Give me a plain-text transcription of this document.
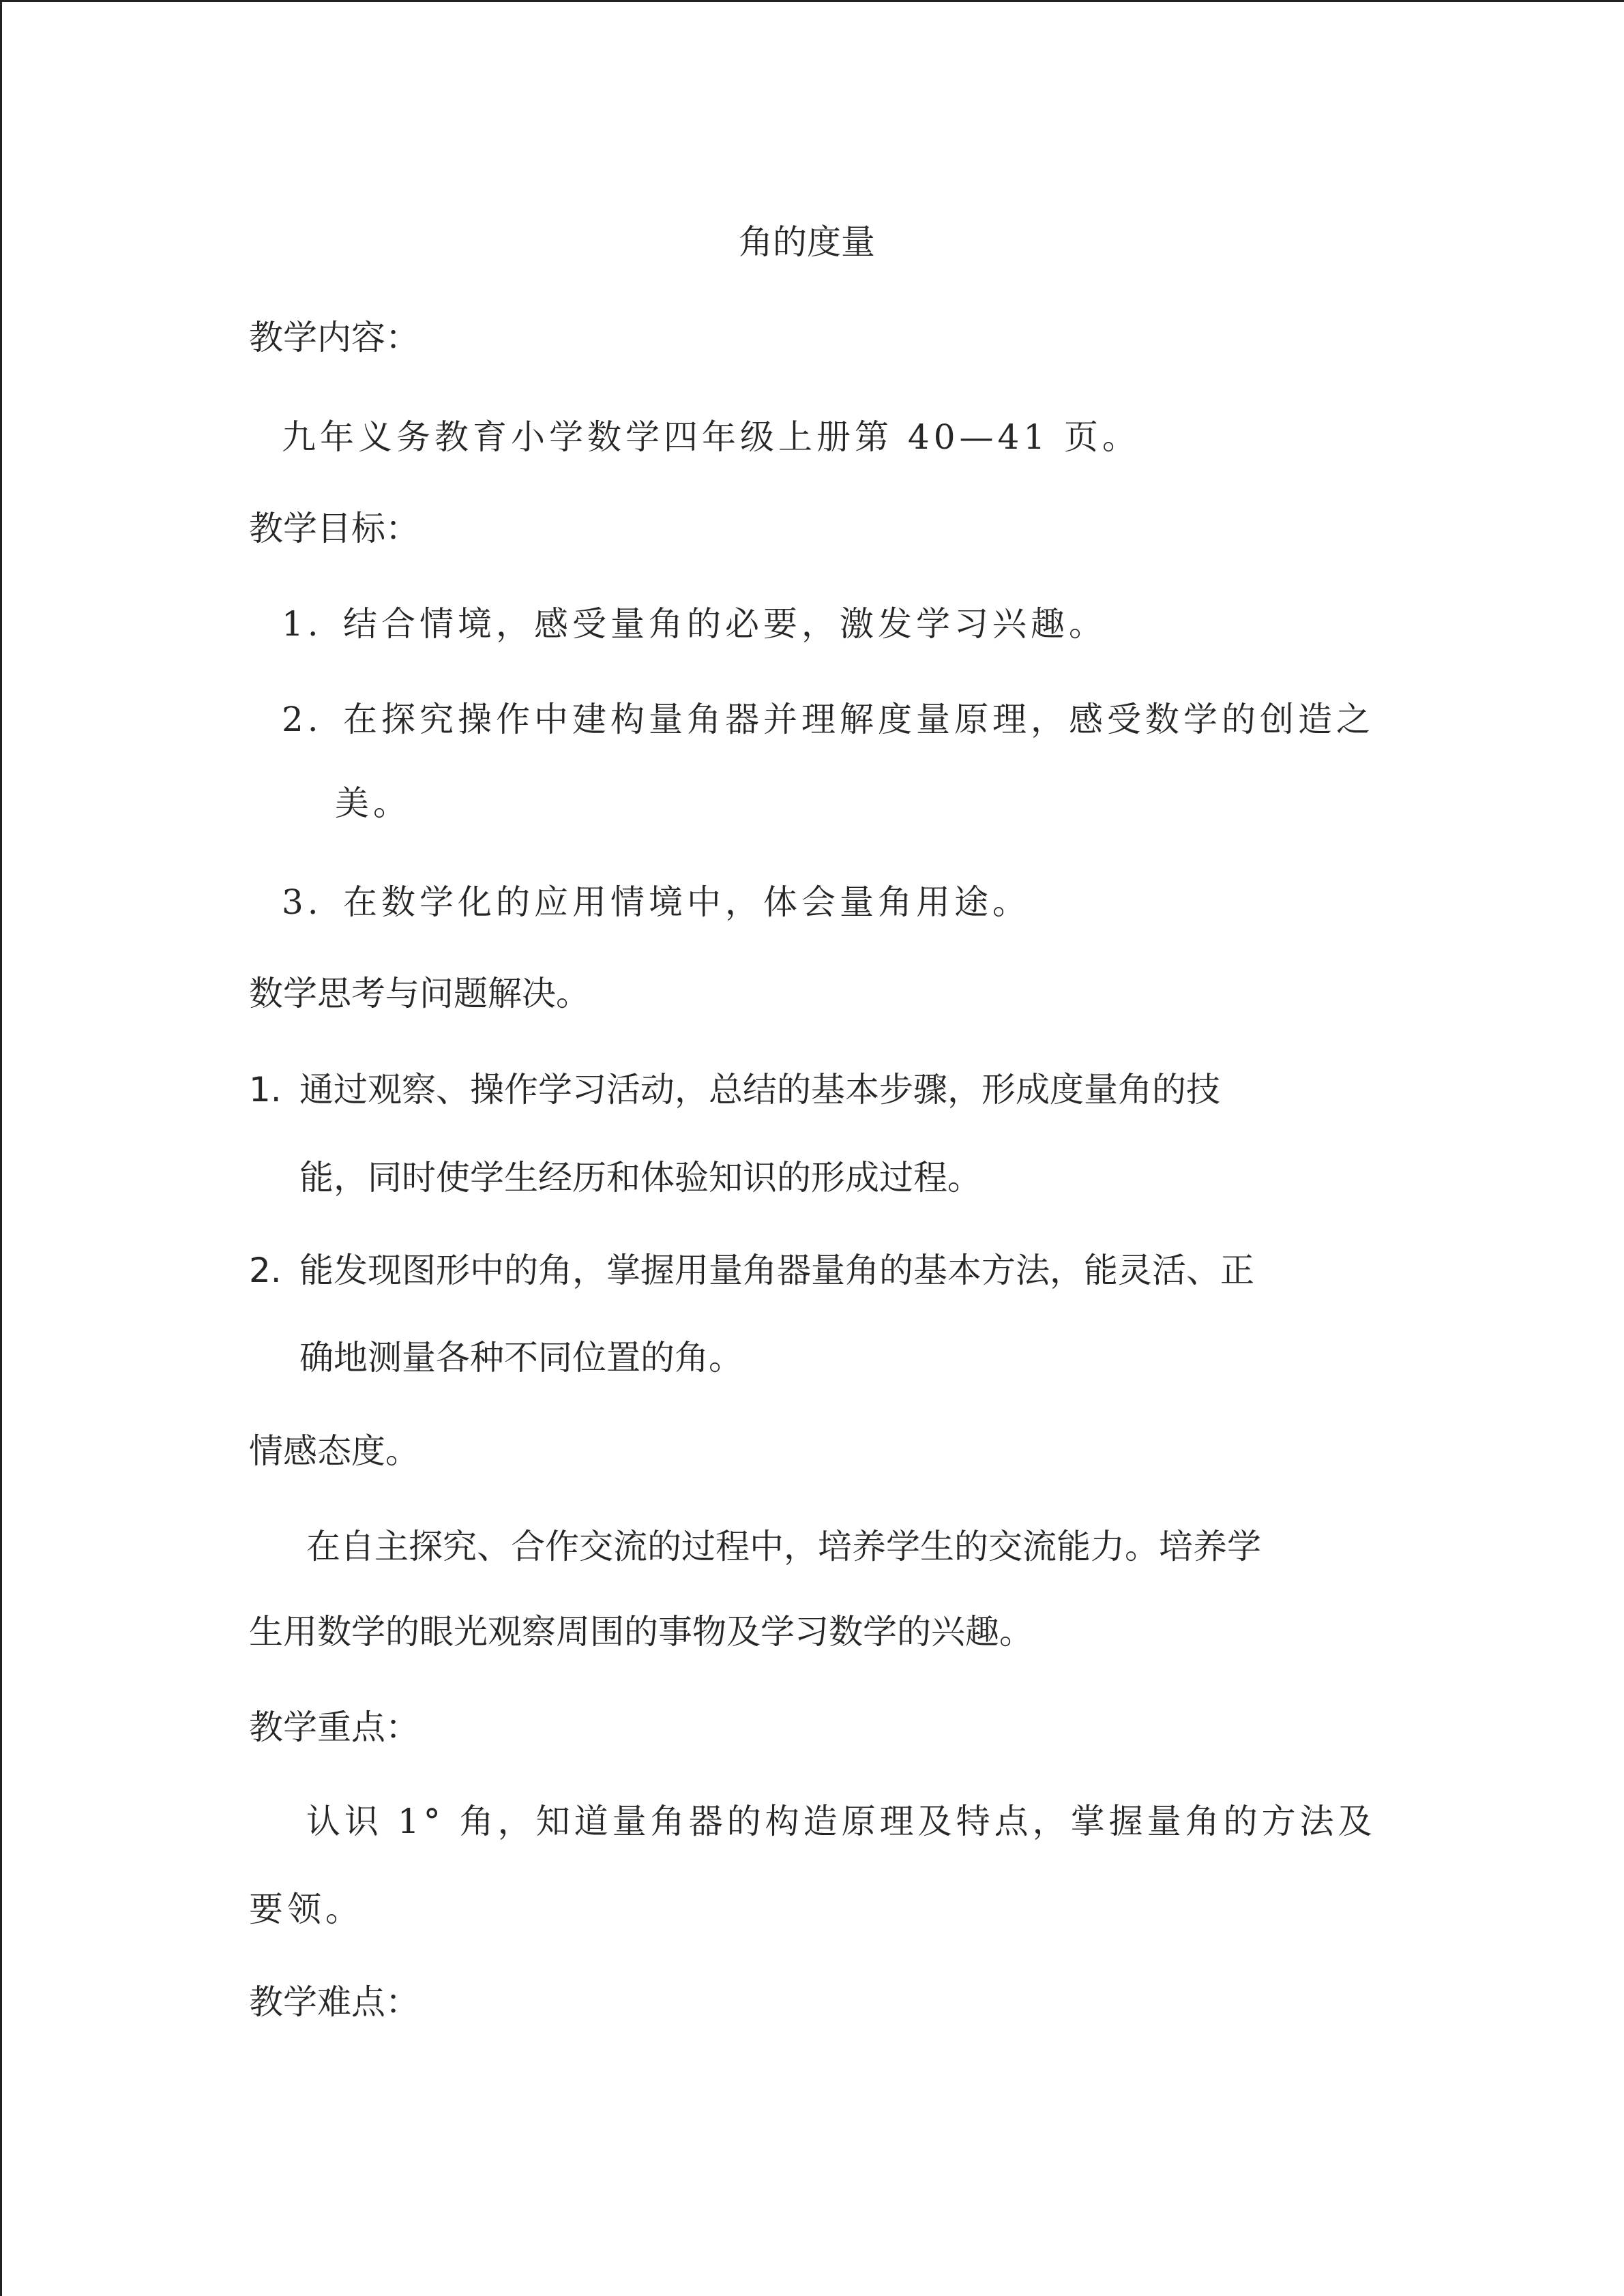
角的度量
教学内容：
九年义务教育小学数学四年级上册第 40—41 页。
教学目标：
1. 结合情境，感受量角的必要，激发学习兴趣。
2. 在探究操作中建构量角器并理解度量原理，感受数学的创造之
美。
3. 在数学化的应用情境中，体会量角用途。
数学思考与问题解决。
1. 通过观察、操作学习活动，总结的基本步骤，形成度量角的技
能，同时使学生经历和体验知识的形成过程。
2. 能发现图形中的角，掌握用量角器量角的基本方法，能灵活、正
确地测量各种不同位置的角。
情感态度。
在自主探究、合作交流的过程中，培养学生的交流能力。培养学
生用数学的眼光观察周围的事物及学习数学的兴趣。
教学重点：
认识 1° 角，知道量角器的构造原理及特点，掌握量角的方法及
要领。
教学难点：
